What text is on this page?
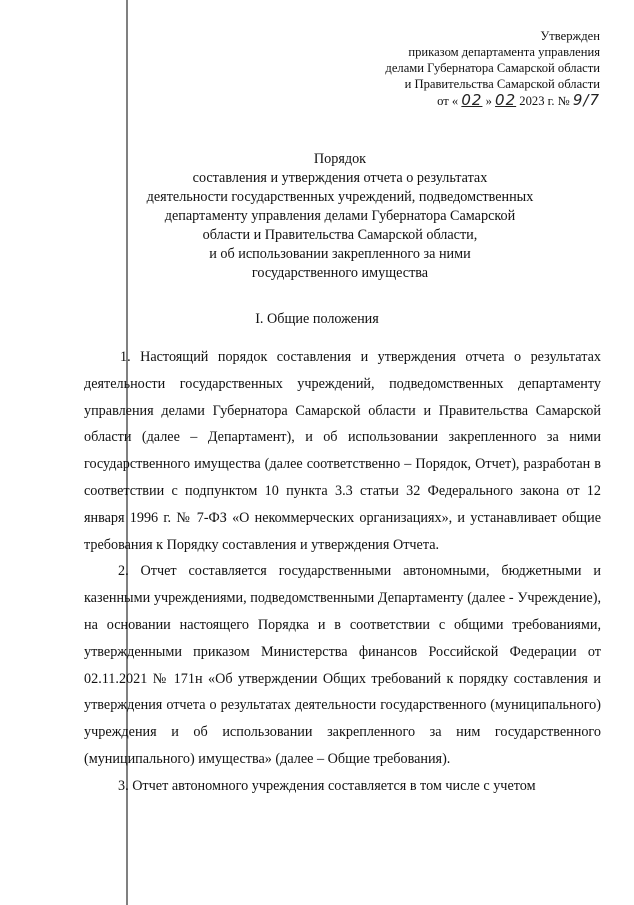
Утвержден
приказом департамента управления
делами Губернатора Самарской области
и Правительства Самарской области
от « 02 » 02 2023 г. № 9/7
Порядок
составления и утверждения отчета о результатах
деятельности государственных учреждений, подведомственных
департаменту управления делами Губернатора Самарской
области и Правительства Самарской области,
и об использовании закрепленного за ними
государственного имущества
I. Общие положения

1. Настоящий порядок составления и утверждения отчета о результатах деятельности государственных учреждений, подведомственных департаменту управления делами Губернатора Самарской области и Правительства Самарской области (далее – Департамент), и об использовании закрепленного за ними государственного имущества (далее соответственно – Порядок, Отчет), разработан в соответствии с подпунктом 10 пункта 3.3 статьи 32 Федерального закона от 12 января 1996 г. № 7-ФЗ «О некоммерческих организациях», и устанавливает общие требования к Порядку составления и утверждения Отчета.

2. Отчет составляется государственными автономными, бюджетными и казенными учреждениями, подведомственными Департаменту (далее - Учреждение), на основании настоящего Порядка и в соответствии с общими требованиями, утвержденными приказом Министерства финансов Российской Федерации от 02.11.2021 № 171н «Об утверждении Общих требований к порядку составления и утверждения отчета о результатах деятельности государственного (муниципального) учреждения и об использовании закрепленного за ним государственного (муниципального) имущества» (далее – Общие требования).

3. Отчет автономного учреждения составляется в том числе с учетом
